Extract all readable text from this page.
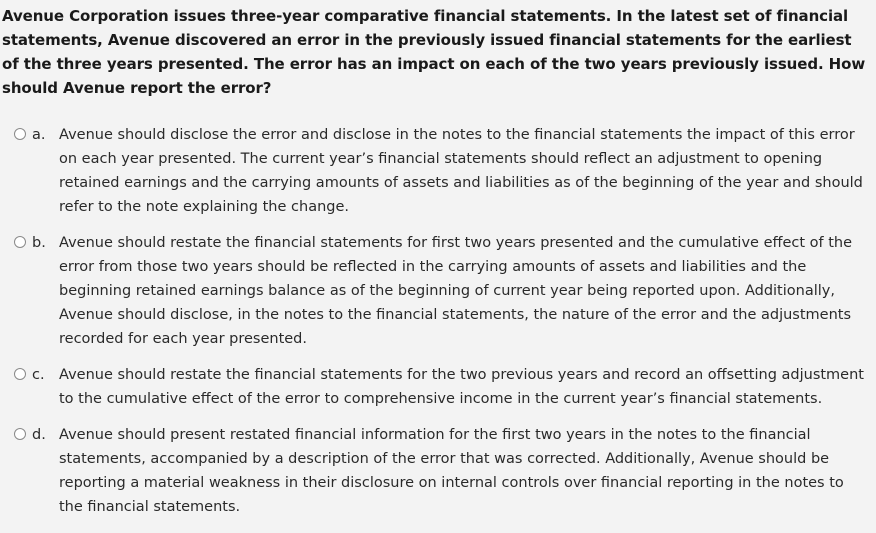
Avenue Corporation issues three-year comparative financial statements. In the latest set of financial statements, Avenue discovered an error in the previously issued financial statements for the earliest of the three years presented. The error has an impact on each of the two years previously issued. How should Avenue report the error?

a. Avenue should disclose the error and disclose in the notes to the financial statements the impact of this error on each year presented. The current year’s financial statements should reflect an adjustment to opening retained earnings and the carrying amounts of assets and liabilities as of the beginning of the year and should refer to the note explaining the change.
b. Avenue should restate the financial statements for first two years presented and the cumulative effect of the error from those two years should be reflected in the carrying amounts of assets and liabilities and the beginning retained earnings balance as of the beginning of current year being reported upon. Additionally, Avenue should disclose, in the notes to the financial statements, the nature of the error and the adjustments recorded for each year presented.
c. Avenue should restate the financial statements for the two previous years and record an offsetting adjustment to the cumulative effect of the error to comprehensive income in the current year’s financial statements.
d. Avenue should present restated financial information for the first two years in the notes to the financial statements, accompanied by a description of the error that was corrected. Additionally, Avenue should be reporting a material weakness in their disclosure on internal controls over financial reporting in the notes to the financial statements.
